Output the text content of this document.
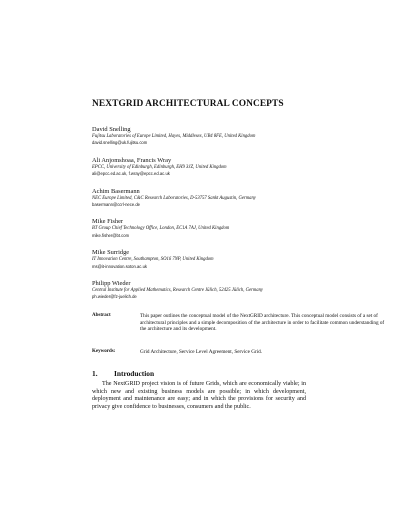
NEXTGRID ARCHITECTURAL CONCEPTS
David Snelling
Fujitsu Laboratories of Europe Limited, Hayes, Middlesex, UB4 8FE, United Kingdom
david.snelling@uk.fujitsu.com
Ali Anjomshoaa, Francis Wray
EPCC, University of Edinburgh, Edinburgh, EH9 3JZ, United Kingdom
ali@epcc.ed.ac.uk, f.wray@epcc.ed.ac.uk
Achim Basermann
NEC Europe Limited, C&C Research Laboratories, D-53757 Sankt Augustin, Germany
basermann@ccrl-nece.de
Mike Fisher
BT Group Chief Technology Office, London, EC1A 7AJ, United Kingdom
mike.fisher@bt.com
Mike Surridge
IT Innovation Centre, Southampton, SO16 7NP, United Kingdom
ms@it-innovation.soton.ac.uk
Philipp Wieder
Central Institute for Applied Mathematics, Research Centre Jülich, 52425 Jülich, Germany
ph.wieder@fz-juelich.de
Abstract	This paper outlines the conceptual model of the NextGRID architecture. This conceptual model consists of a set of architectural principles and a simple decomposition of the architecture in order to facilitate common understanding of the architecture and its development.
Keywords:	Grid Architecture, Service Level Agreement, Service Grid.
1. Introduction
The NextGRID project vision is of future Grids, which are economically viable; in which new and existing business models are possible; in which development, deployment and maintenance are easy; and in which the provisions for security and privacy give confidence to businesses, consumers and the public.
